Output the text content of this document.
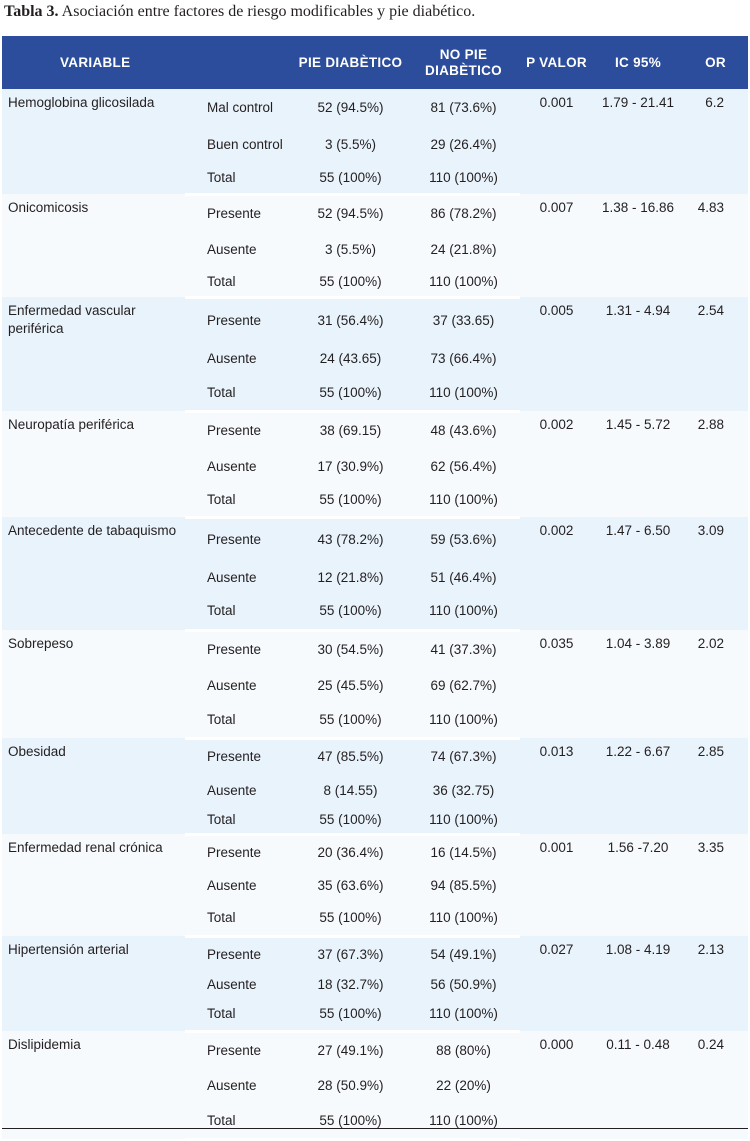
Tabla 3. Asociación entre factores de riesgo modificables y pie diabético.
VARIABLE		PIE DIABÈTICO	NO PIE DIABÈTICO	P VALOR	IC 95%	OR
Hemoglobina glicosilada	Mal control	52 (94.5%)	81 (73.6%)	0.001	1.79 - 21.41	6.2
	Buen control	3 (5.5%)	29 (26.4%)			
	Total	55 (100%)	110 (100%)			
Onicomicosis	Presente	52 (94.5%)	86 (78.2%)	0.007	1.38 - 16.86	4.83
	Ausente	3 (5.5%)	24 (21.8%)			
	Total	55 (100%)	110 (100%)			
Enfermedad vascular periférica	Presente	31 (56.4%)	37 (33.65)	0.005	1.31 - 4.94	2.54
	Ausente	24 (43.65)	73 (66.4%)			
	Total	55 (100%)	110 (100%)			
Neuropatía periférica	Presente	38 (69.15)	48 (43.6%)	0.002	1.45 - 5.72	2.88
	Ausente	17 (30.9%)	62 (56.4%)			
	Total	55 (100%)	110 (100%)			
Antecedente de tabaquismo	Presente	43 (78.2%)	59 (53.6%)	0.002	1.47 - 6.50	3.09
	Ausente	12 (21.8%)	51 (46.4%)			
	Total	55 (100%)	110 (100%)			
Sobrepeso	Presente	30 (54.5%)	41 (37.3%)	0.035	1.04 - 3.89	2.02
	Ausente	25 (45.5%)	69 (62.7%)			
	Total	55 (100%)	110 (100%)			
Obesidad	Presente	47 (85.5%)	74 (67.3%)	0.013	1.22 - 6.67	2.85
	Ausente	8 (14.55)	36 (32.75)			
	Total	55 (100%)	110 (100%)			
Enfermedad renal crónica	Presente	20 (36.4%)	16 (14.5%)	0.001	1.56 -7.20	3.35
	Ausente	35 (63.6%)	94 (85.5%)			
	Total	55 (100%)	110 (100%)			
Hipertensión arterial	Presente	37 (67.3%)	54 (49.1%)	0.027	1.08 - 4.19	2.13
	Ausente	18 (32.7%)	56 (50.9%)			
	Total	55 (100%)	110 (100%)			
Dislipidemia	Presente	27 (49.1%)	88 (80%)	0.000	0.11 - 0.48	0.24
	Ausente	28 (50.9%)	22 (20%)			
	Total	55 (100%)	110 (100%)			
